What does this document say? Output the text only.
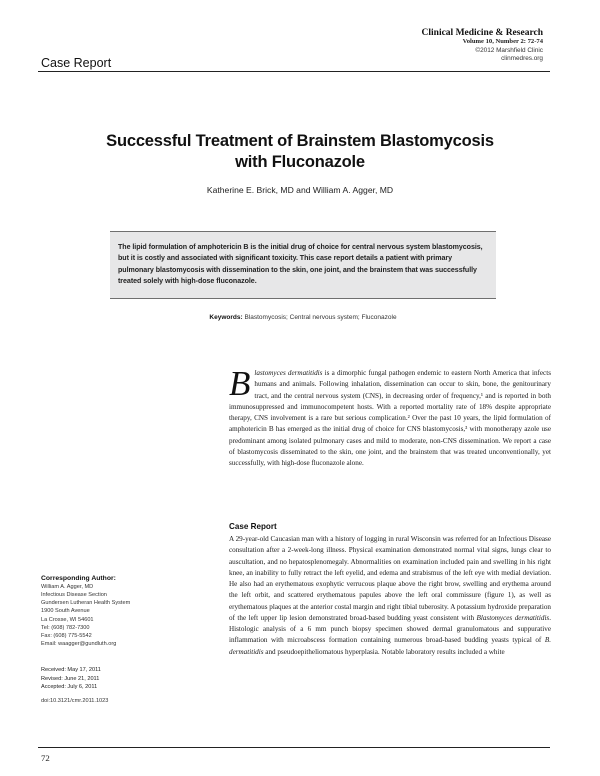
Clinical Medicine & Research
Volume 10, Number 2: 72-74
©2012 Marshfield Clinic
clinmedres.org
Case Report
Successful Treatment of Brainstem Blastomycosis
with Fluconazole
Katherine E. Brick, MD and William A. Agger, MD

The lipid formulation of amphotericin B is the initial drug of choice for central nervous system blastomycosis, but it is costly and associated with significant toxicity. This case report details a patient with primary pulmonary blastomycosis with dissemination to the skin, one joint, and the brainstem that was successfully treated solely with high-dose fluconazole.

Keywords: Blastomycosis; Central nervous system; Fluconazole
Blastomyces dermatitidis is a dimorphic fungal pathogen endemic to eastern North America that infects humans and animals. Following inhalation, dissemination can occur to skin, bone, the genitourinary tract, and the central nervous system (CNS), in decreasing order of frequency,¹ and is reported in both immunosuppressed and immunocompetent hosts. With a reported mortality rate of 18% despite appropriate therapy, CNS involvement is a rare but serious complication.² Over the past 10 years, the lipid formulation of amphotericin B has emerged as the initial drug of choice for CNS blastomycosis,³ with monotherapy azole use predominant among isolated pulmonary cases and mild to moderate, non-CNS dissemination. We report a case of blastomycosis disseminated to the skin, one joint, and the brainstem that was treated unconventionally, yet successfully, with high-dose fluconazole alone.
Case Report
A 29-year-old Caucasian man with a history of logging in rural Wisconsin was referred for an Infectious Disease consultation after a 2-week-long illness. Physical examination demonstrated normal vital signs, lungs clear to auscultation, and no hepatosplenomegaly. Abnormalities on examination included pain and swelling in his right knee, an inability to fully retract the left eyelid, and edema and strabismus of the left eye with medial deviation. He also had an erythematous exophytic verrucous plaque above the right brow, swelling and erythema around the left orbit, and scattered erythematous papules above the left oral commissure (figure 1), as well as erythematous plaques at the anterior costal margin and right tibial tuberosity. A potassium hydroxide preparation of the left upper lip lesion demonstrated broad-based budding yeast consistent with Blastomyces dermatitidis. Histologic analysis of a 6 mm punch biopsy specimen showed dermal granulomatous and suppurative inflammation with microabscess formation containing numerous broad-based budding yeasts typical of B. dermatitidis and pseudoepitheliomatous hyperplasia. Notable laboratory results included a white
Corresponding Author:
William A. Agger, MD
Infectious Disease Section
Gundersen Lutheran Health System
1900 South Avenue
La Crosse, WI 54601
Tel: (608) 782-7300
Fax: (608) 775-5542
Email: waagger@gundluth.org
Received: May 17, 2011
Revised: June 21, 2011
Accepted: July 6, 2011
doi:10.3121/cmr.2011.1023
72
